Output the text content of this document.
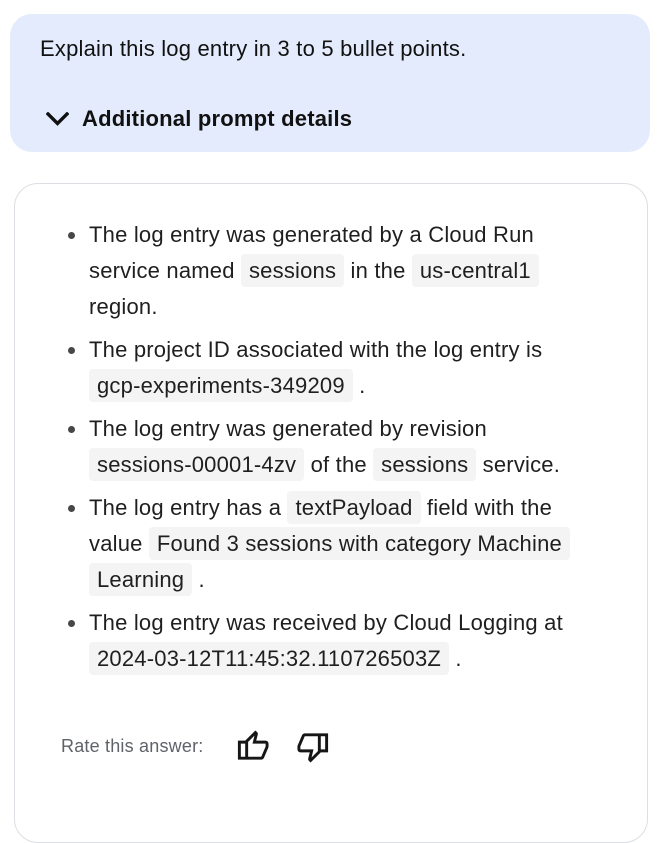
Explain this log entry in 3 to 5 bullet points.
Additional prompt details
The log entry was generated by a Cloud Run service named sessions in the us-central1 region.
The project ID associated with the log entry is gcp-experiments-349209 .
The log entry was generated by revision sessions-00001-4zv of the sessions service.
The log entry has a textPayload field with the value Found 3 sessions with category Machine Learning .
The log entry was received by Cloud Logging at 2024-03-12T11:45:32.110726503Z .
Rate this answer:
